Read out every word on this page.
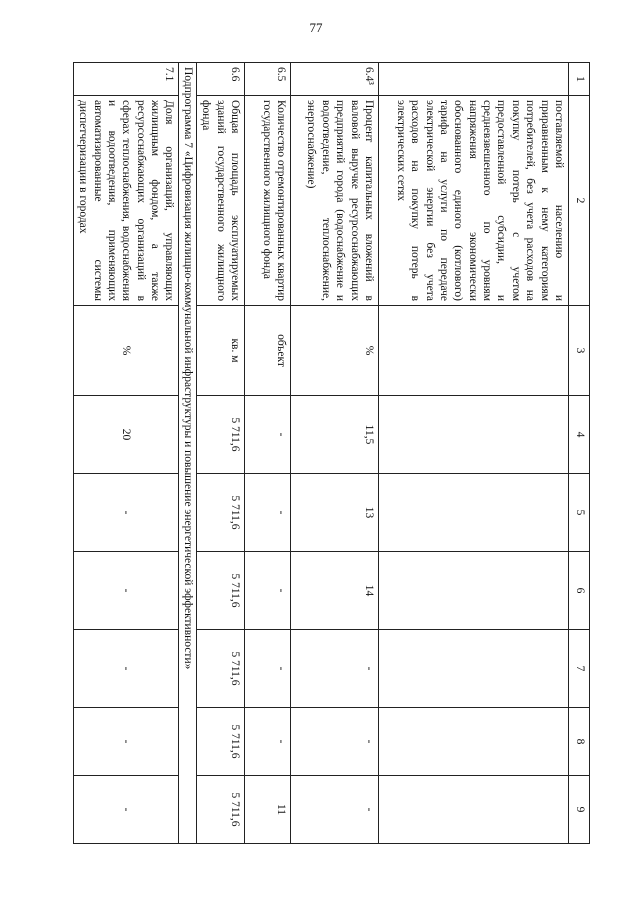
77
1	2	3	4	5	6	7	8	9
	поставляемой населению и приравненным к нему категориям потребителей, без учета расходов на покупку потерь с учетом предоставленной субсидии, и средневзвешенного по уровням напряжения экономически обоснованного единого (котлового) тарифа на услуги по передаче электрической энергии без учета расходов на покупку потерь в электрических сетях							
6.4³	Процент капитальных вложений в валовой выручке ресурсоснабжающих предприятий города (водоснабжение и водоотведение, теплоснабжение, энергоснабжение)	%	11,5	13	14	-	-	-
6.5	Количество отремонтированных квартир государственного жилищного фонда	объект	-	-	-	-	-	11
6.6	Общая площадь эксплуатируемых зданий государственного жилищного фонда	кв. м	5 711,6	5 711,6	5 711,6	5 711,6	5 711,6	5 711,6
Подпрограмма 7 «Цифровизация жилищно-коммунальной инфраструктуры и повышение энергетической эффективности»								
7.1	Доля организаций, управляющих жилищным фондом, а также ресурсоснабжающих организаций в сферах теплоснабжения, водоснабжения и водоотведения, применяющих автоматизированные системы диспетчеризации в городах	%	20	-	-	-	-	-
